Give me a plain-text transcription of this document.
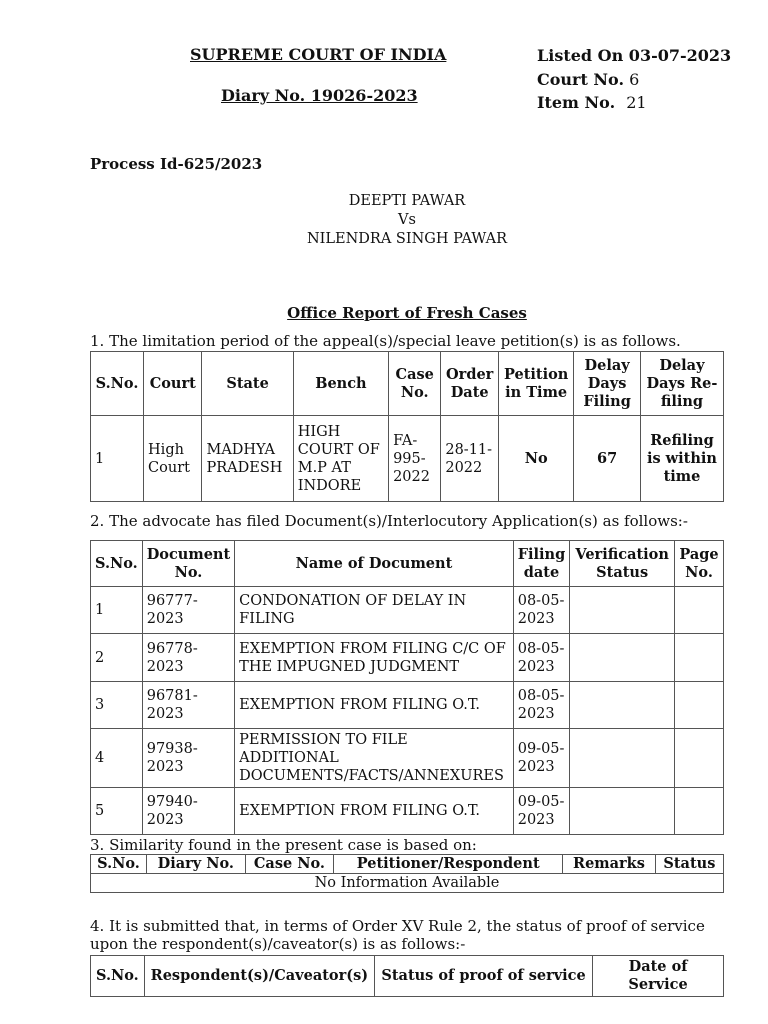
SUPREME COURT OF INDIA
Diary No. 19026-2023
Listed On 03-07-2023
Court No. 6
Item No. 21
Process Id-625/2023
DEEPTI PAWAR
Vs
NILENDRA SINGH PAWAR
Office Report of Fresh Cases
1. The limitation period of the appeal(s)/special leave petition(s) is as follows.
S.No.	Court	State	Bench	Case No.	Order Date	Petition in Time	Delay Days Filing	Delay Days Re-filing
1	High Court	MADHYA PRADESH	HIGH COURT OF M.P AT INDORE	FA-995-2022	28-11-2022	No	67	Refiling is within time
2. The advocate has filed Document(s)/Interlocutory Application(s) as follows:-
S.No.	Document No.	Name of Document	Filing date	Verification Status	Page No.
1	96777-2023	CONDONATION OF DELAY IN FILING	08-05-2023		
2	96778-2023	EXEMPTION FROM FILING C/C OF THE IMPUGNED JUDGMENT	08-05-2023		
3	96781-2023	EXEMPTION FROM FILING O.T.	08-05-2023		
4	97938-2023	PERMISSION TO FILE ADDITIONAL DOCUMENTS/FACTS/ANNEXURES	09-05-2023		
5	97940-2023	EXEMPTION FROM FILING O.T.	09-05-2023		
3. Similarity found in the present case is based on:
S.No.	Diary No.	Case No.	Petitioner/Respondent	Remarks	Status
No Information Available
4. It is submitted that, in terms of Order XV Rule 2, the status of proof of service upon the respondent(s)/caveator(s) is as follows:-
S.No.	Respondent(s)/Caveator(s)	Status of proof of service	Date of Service
